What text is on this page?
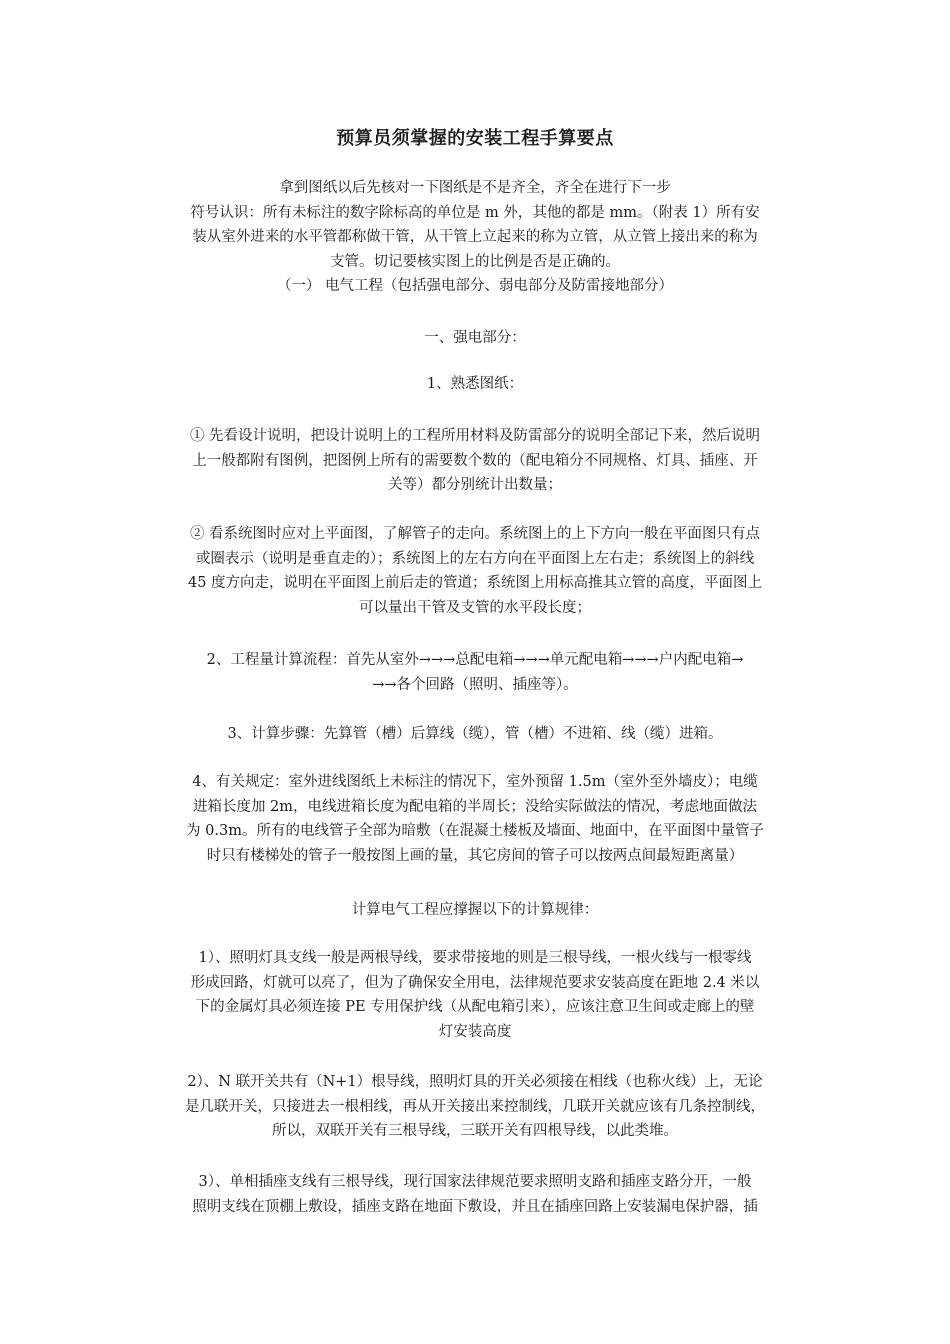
预算员须掌握的安装工程手算要点
拿到图纸以后先核对一下图纸是不是齐全，齐全在进行下一步
符号认识：所有未标注的数字除标高的单位是 m 外，其他的都是 mm。（附表 1）所有安
装从室外进来的水平管都称做干管，从干管上立起来的称为立管，从立管上接出来的称为
支管。切记要核实图上的比例是否是正确的。
（一） 电气工程（包括强电部分、弱电部分及防雷接地部分）
一、强电部分：
1、熟悉图纸：
① 先看设计说明，把设计说明上的工程所用材料及防雷部分的说明全部记下来，然后说明
上一般都附有图例，把图例上所有的需要数个数的（配电箱分不同规格、灯具、插座、开
关等）都分别统计出数量；
② 看系统图时应对上平面图，了解管子的走向。系统图上的上下方向一般在平面图只有点
或圈表示（说明是垂直走的）；系统图上的左右方向在平面图上左右走；系统图上的斜线
45 度方向走，说明在平面图上前后走的管道；系统图上用标高推其立管的高度，平面图上
可以量出干管及支管的水平段长度；
2、工程量计算流程：首先从室外→→→总配电箱→→→单元配电箱→→→户内配电箱→
→→各个回路（照明、插座等）。
3、计算步骤：先算管（槽）后算线（缆），管（槽）不进箱、线（缆）进箱。
4、有关规定：室外进线图纸上未标注的情况下，室外预留 1.5m（室外至外墙皮）；电缆
进箱长度加 2m，电线进箱长度为配电箱的半周长；没给实际做法的情况，考虑地面做法
为 0.3m。所有的电线管子全部为暗敷（在混凝土楼板及墙面、地面中，在平面图中量管子
时只有楼梯处的管子一般按图上画的量，其它房间的管子可以按两点间最短距离量）
计算电气工程应撑握以下的计算规律：
1）、照明灯具支线一般是两根导线，要求带接地的则是三根导线，一根火线与一根零线
形成回路，灯就可以亮了，但为了确保安全用电，法律规范要求安装高度在距地 2.4 米以
下的金属灯具必须连接 PE 专用保护线（从配电箱引来），应该注意卫生间或走廊上的壁
灯安装高度
2）、N 联开关共有（N+1）根导线，照明灯具的开关必须接在相线（也称火线）上，无论
是几联开关，只接进去一根相线，再从开关接出来控制线，几联开关就应该有几条控制线，
所以，双联开关有三根导线，三联开关有四根导线，以此类堆。
3）、单相插座支线有三根导线，现行国家法律规范要求照明支路和插座支路分开，一般
照明支线在顶棚上敷设，插座支路在地面下敷设，并且在插座回路上安装漏电保护器，插
